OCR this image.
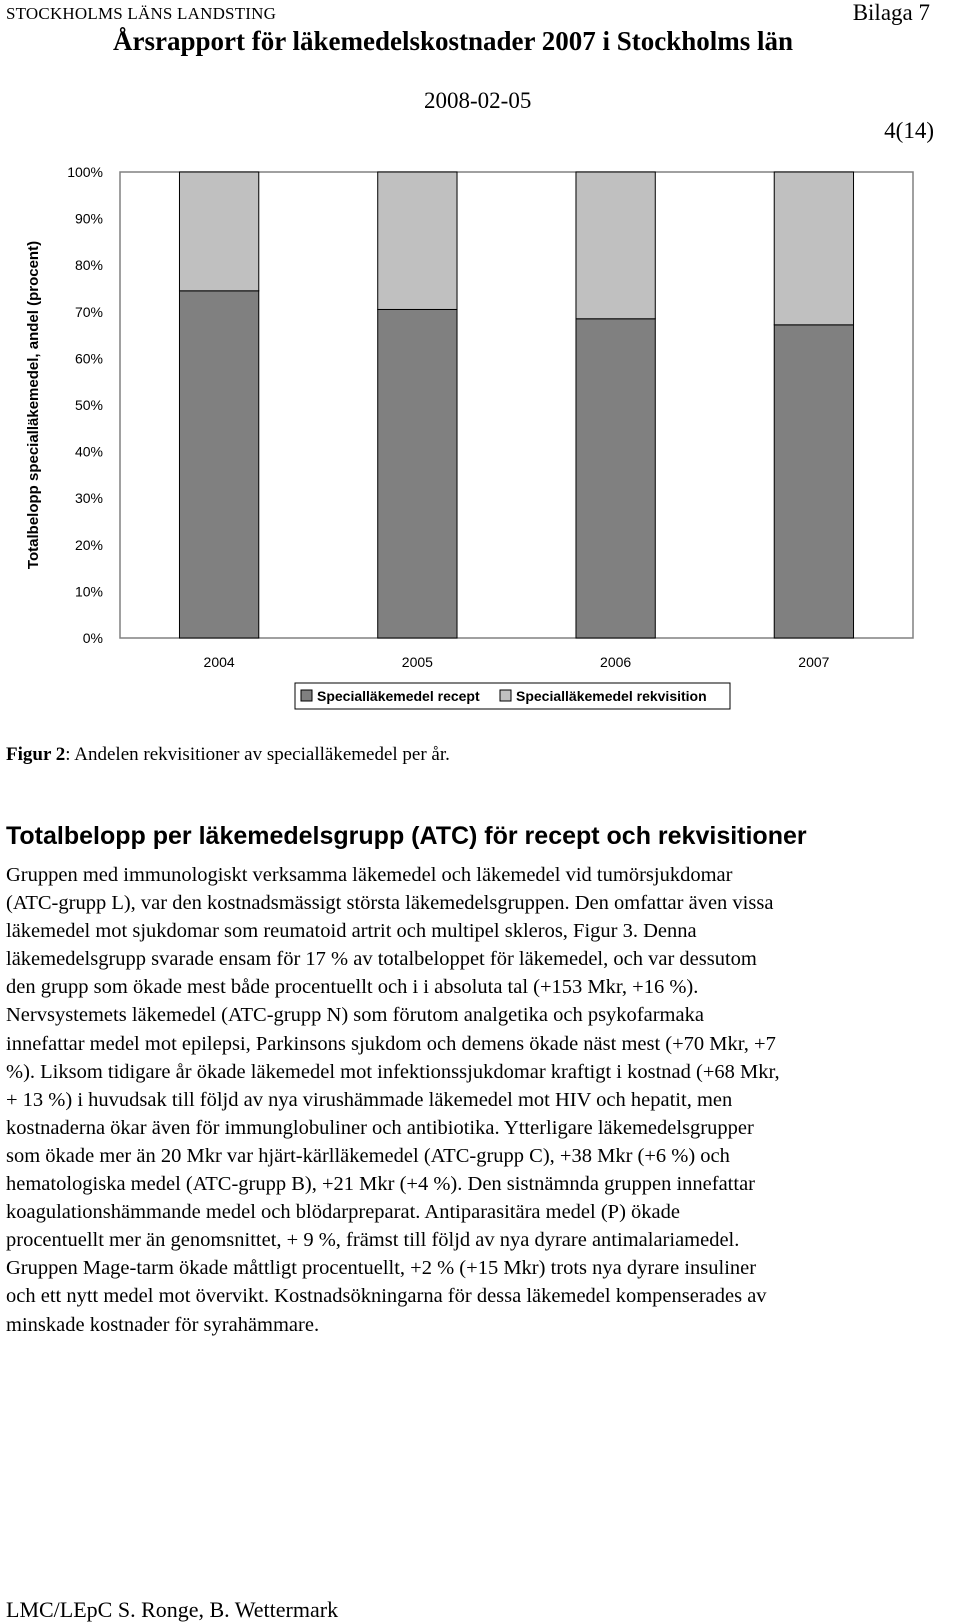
STOCKHOLMS LÄNS LANDSTING	Bilaga 7
Årsrapport för läkemedelskostnader 2007 i Stockholms län
2008-02-05
4(14)
0%
10%
20%
30%
40%
50%
60%
70%
80%
90%
100%
2004	2005	2006	2007
Totalbelopp specialläkemedel, andel (procent)
Specialläkemedel recept	Specialläkemedel rekvisition
Figur 2: Andelen rekvisitioner av specialläkemedel per år.
Totalbelopp per läkemedelsgrupp (ATC) för recept och rekvisitioner
Gruppen med immunologiskt verksamma läkemedel och läkemedel vid tumörsjukdomar
(ATC-grupp L), var den kostnadsmässigt största läkemedelsgruppen. Den omfattar även vissa
läkemedel mot sjukdomar som reumatoid artrit och multipel skleros, Figur 3. Denna
läkemedelsgrupp svarade ensam för 17 % av totalbeloppet för läkemedel, och var dessutom
den grupp som ökade mest både procentuellt och i i absoluta tal (+153 Mkr, +16 %).
Nervsystemets läkemedel (ATC-grupp N) som förutom analgetika och psykofarmaka
innefattar medel mot epilepsi, Parkinsons sjukdom och demens ökade näst mest (+70 Mkr, +7
%). Liksom tidigare år ökade läkemedel mot infektionssjukdomar kraftigt i kostnad (+68 Mkr,
+ 13 %) i huvudsak till följd av nya virushämmade läkemedel mot HIV och hepatit, men
kostnaderna ökar även för immunglobuliner och antibiotika. Ytterligare läkemedelsgrupper
som ökade mer än 20 Mkr var hjärt-kärlläkemedel (ATC-grupp C), +38 Mkr (+6 %) och
hematologiska medel (ATC-grupp B), +21 Mkr (+4 %). Den sistnämnda gruppen innefattar
koagulationshämmande medel och blödarpreparat. Antiparasitära medel (P) ökade
procentuellt mer än genomsnittet, + 9 %, främst till följd av nya dyrare antimalariamedel.
Gruppen Mage-tarm ökade måttligt procentuellt, +2 % (+15 Mkr) trots nya dyrare insuliner
och ett nytt medel mot övervikt. Kostnadsökningarna för dessa läkemedel kompenserades av
minskade kostnader för syrahämmare.
LMC/LEpC S. Ronge, B. Wettermark
